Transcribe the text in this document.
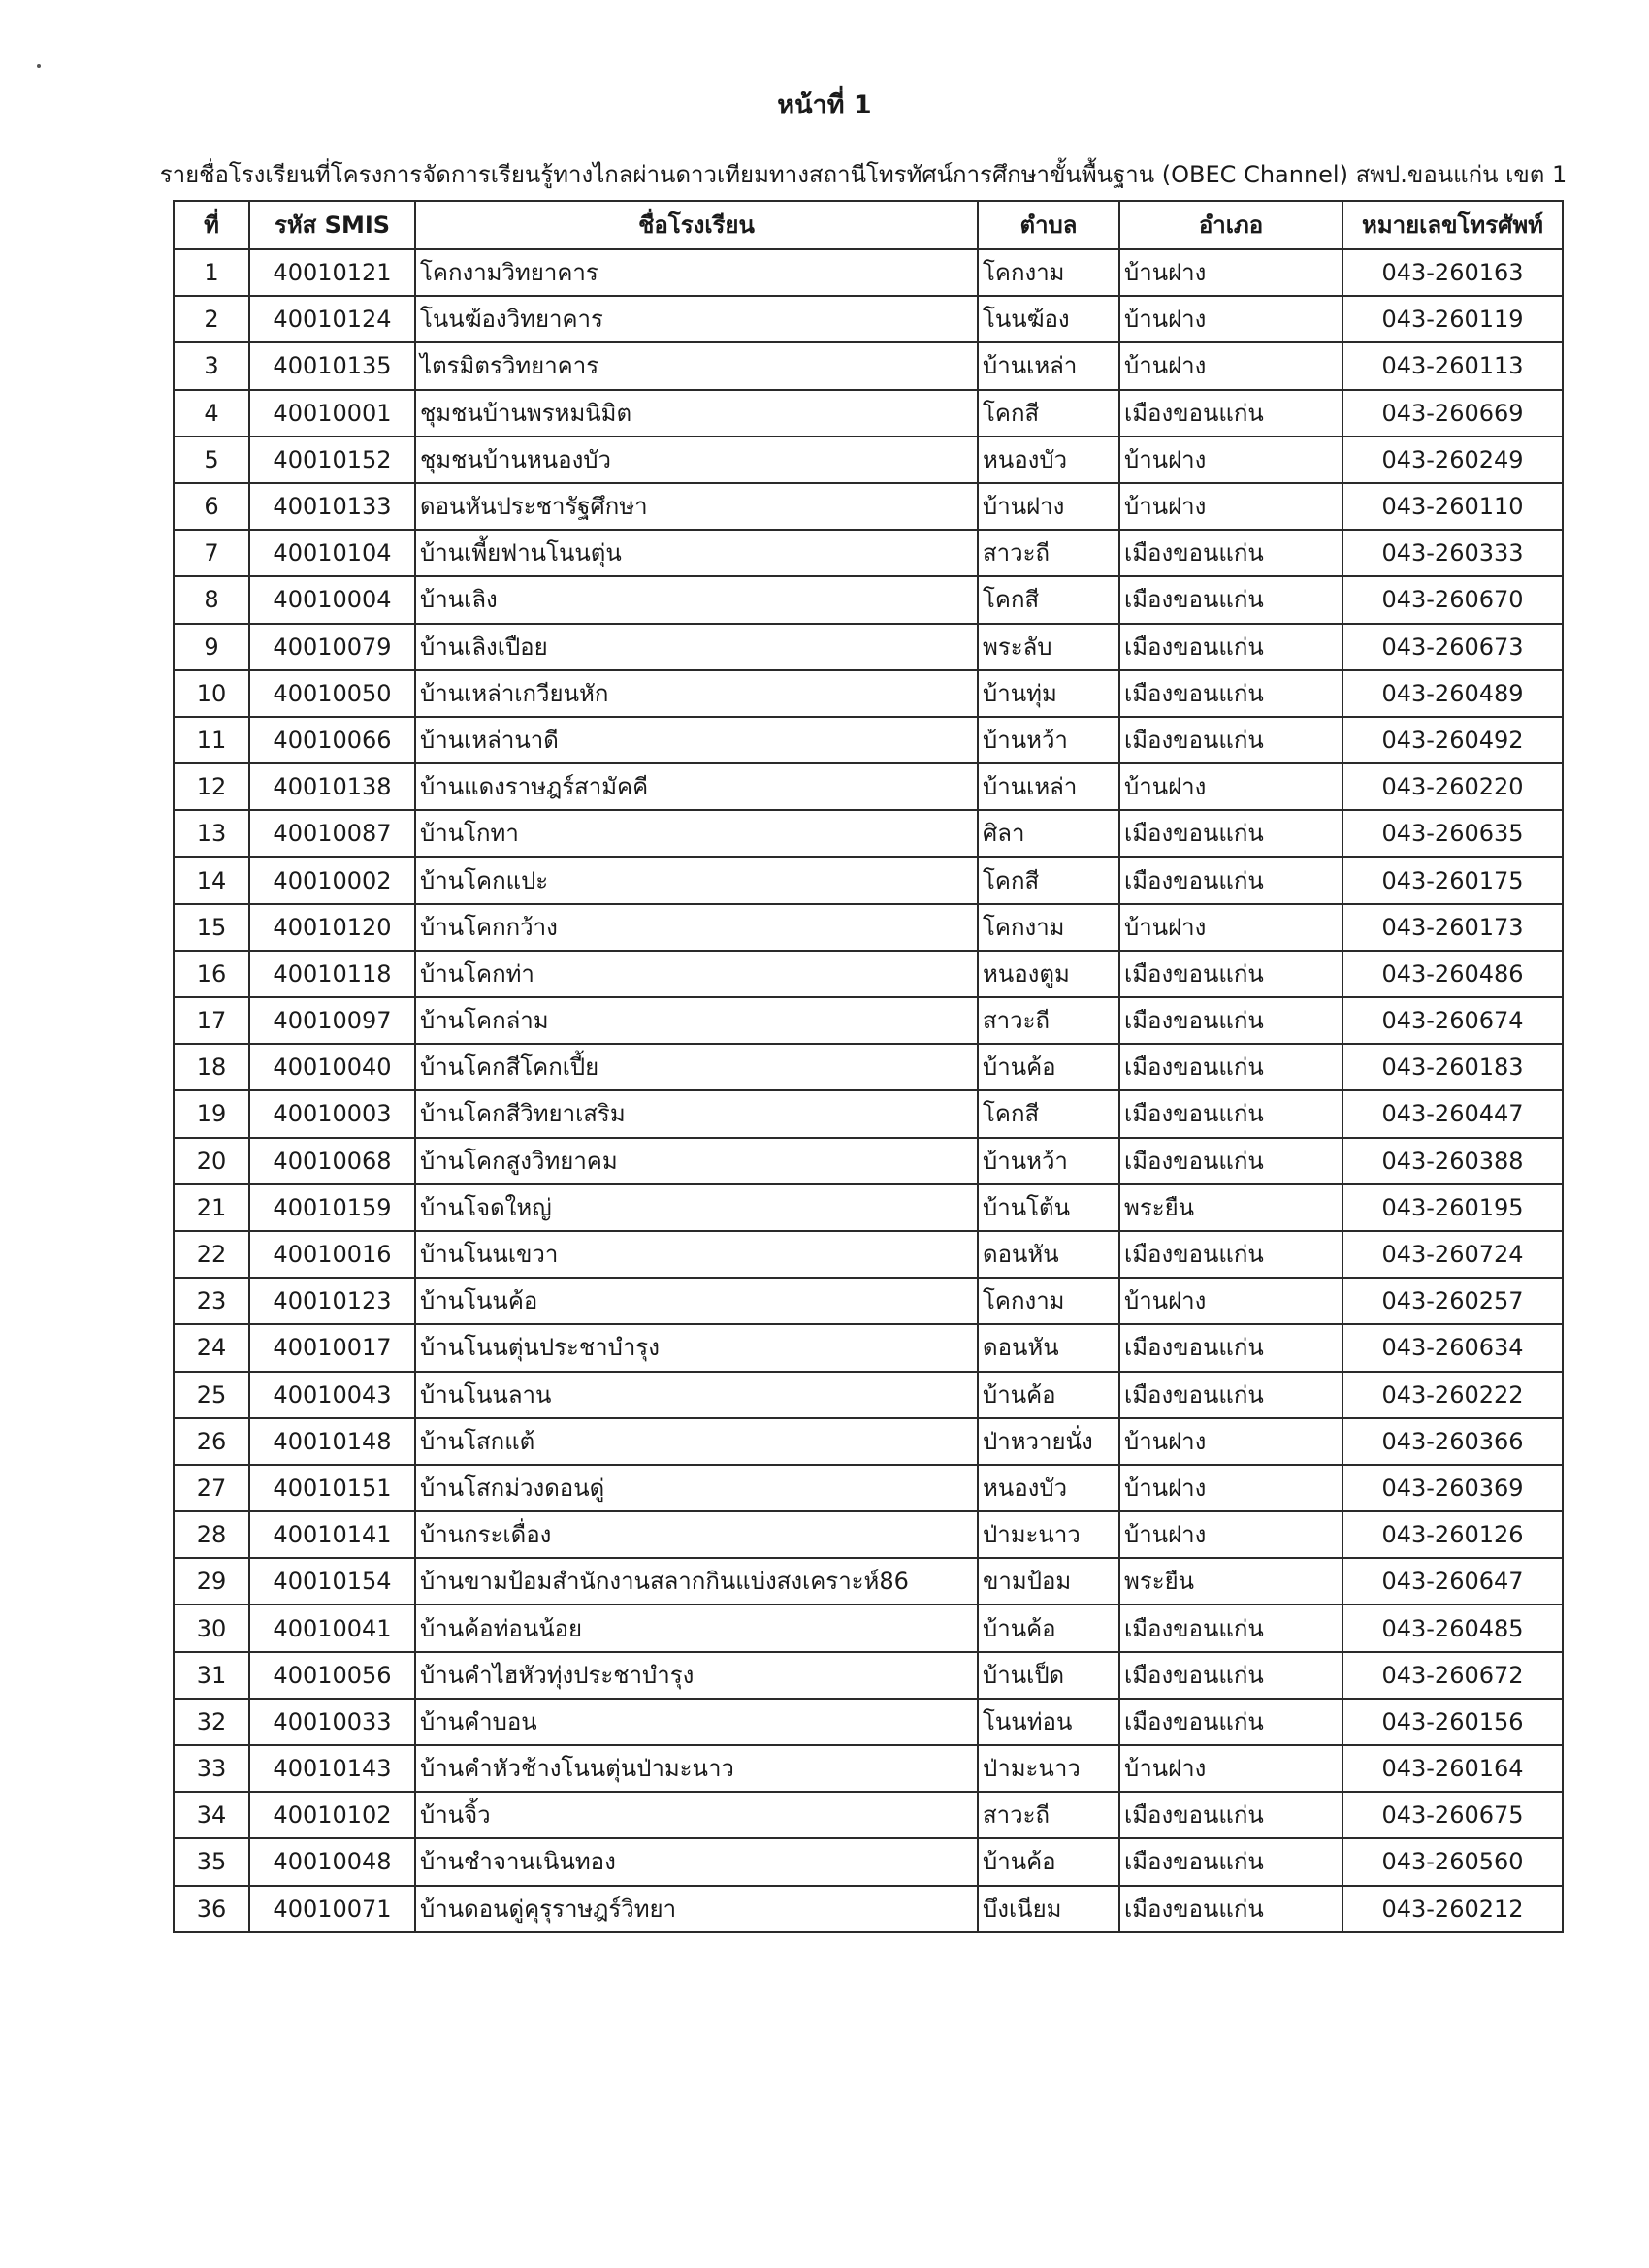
หน้าที่ 1
รายชื่อโรงเรียนที่โครงการจัดการเรียนรู้ทางไกลผ่านดาวเทียมทางสถานีโทรทัศน์การศึกษาขั้นพื้นฐาน (OBEC Channel) สพป.ขอนแก่น เขต 1
ที่	รหัส SMIS	ชื่อโรงเรียน	ตำบล	อำเภอ	หมายเลขโทรศัพท์
1	40010121	โคกงามวิทยาคาร	โคกงาม	บ้านฝาง	043-260163
2	40010124	โนนฆ้องวิทยาคาร	โนนฆ้อง	บ้านฝาง	043-260119
3	40010135	ไตรมิตรวิทยาคาร	บ้านเหล่า	บ้านฝาง	043-260113
4	40010001	ชุมชนบ้านพรหมนิมิต	โคกสี	เมืองขอนแก่น	043-260669
5	40010152	ชุมชนบ้านหนองบัว	หนองบัว	บ้านฝาง	043-260249
6	40010133	ดอนหันประชารัฐศึกษา	บ้านฝาง	บ้านฝาง	043-260110
7	40010104	บ้านเพี้ยฟานโนนตุ่น	สาวะถี	เมืองขอนแก่น	043-260333
8	40010004	บ้านเลิง	โคกสี	เมืองขอนแก่น	043-260670
9	40010079	บ้านเลิงเปือย	พระลับ	เมืองขอนแก่น	043-260673
10	40010050	บ้านเหล่าเกวียนหัก	บ้านทุ่ม	เมืองขอนแก่น	043-260489
11	40010066	บ้านเหล่านาดี	บ้านหว้า	เมืองขอนแก่น	043-260492
12	40010138	บ้านแดงราษฎร์สามัคคี	บ้านเหล่า	บ้านฝาง	043-260220
13	40010087	บ้านโกทา	ศิลา	เมืองขอนแก่น	043-260635
14	40010002	บ้านโคกแปะ	โคกสี	เมืองขอนแก่น	043-260175
15	40010120	บ้านโคกกว้าง	โคกงาม	บ้านฝาง	043-260173
16	40010118	บ้านโคกท่า	หนองตูม	เมืองขอนแก่น	043-260486
17	40010097	บ้านโคกล่าม	สาวะถี	เมืองขอนแก่น	043-260674
18	40010040	บ้านโคกสีโคกเปี้ย	บ้านค้อ	เมืองขอนแก่น	043-260183
19	40010003	บ้านโคกสีวิทยาเสริม	โคกสี	เมืองขอนแก่น	043-260447
20	40010068	บ้านโคกสูงวิทยาคม	บ้านหว้า	เมืองขอนแก่น	043-260388
21	40010159	บ้านโจดใหญ่	บ้านโต้น	พระยืน	043-260195
22	40010016	บ้านโนนเขวา	ดอนหัน	เมืองขอนแก่น	043-260724
23	40010123	บ้านโนนค้อ	โคกงาม	บ้านฝาง	043-260257
24	40010017	บ้านโนนตุ่นประชาบำรุง	ดอนหัน	เมืองขอนแก่น	043-260634
25	40010043	บ้านโนนลาน	บ้านค้อ	เมืองขอนแก่น	043-260222
26	40010148	บ้านโสกแต้	ป่าหวายนั่ง	บ้านฝาง	043-260366
27	40010151	บ้านโสกม่วงดอนดู่	หนองบัว	บ้านฝาง	043-260369
28	40010141	บ้านกระเดื่อง	ป่ามะนาว	บ้านฝาง	043-260126
29	40010154	บ้านขามป้อมสำนักงานสลากกินแบ่งสงเคราะห์86	ขามป้อม	พระยืน	043-260647
30	40010041	บ้านค้อท่อนน้อย	บ้านค้อ	เมืองขอนแก่น	043-260485
31	40010056	บ้านคำไฮหัวทุ่งประชาบำรุง	บ้านเป็ด	เมืองขอนแก่น	043-260672
32	40010033	บ้านคำบอน	โนนท่อน	เมืองขอนแก่น	043-260156
33	40010143	บ้านคำหัวช้างโนนตุ่นป่ามะนาว	ป่ามะนาว	บ้านฝาง	043-260164
34	40010102	บ้านจิ้ว	สาวะถี	เมืองขอนแก่น	043-260675
35	40010048	บ้านชำจานเนินทอง	บ้านค้อ	เมืองขอนแก่น	043-260560
36	40010071	บ้านดอนดู่คุรุราษฎร์วิทยา	บึงเนียม	เมืองขอนแก่น	043-260212
